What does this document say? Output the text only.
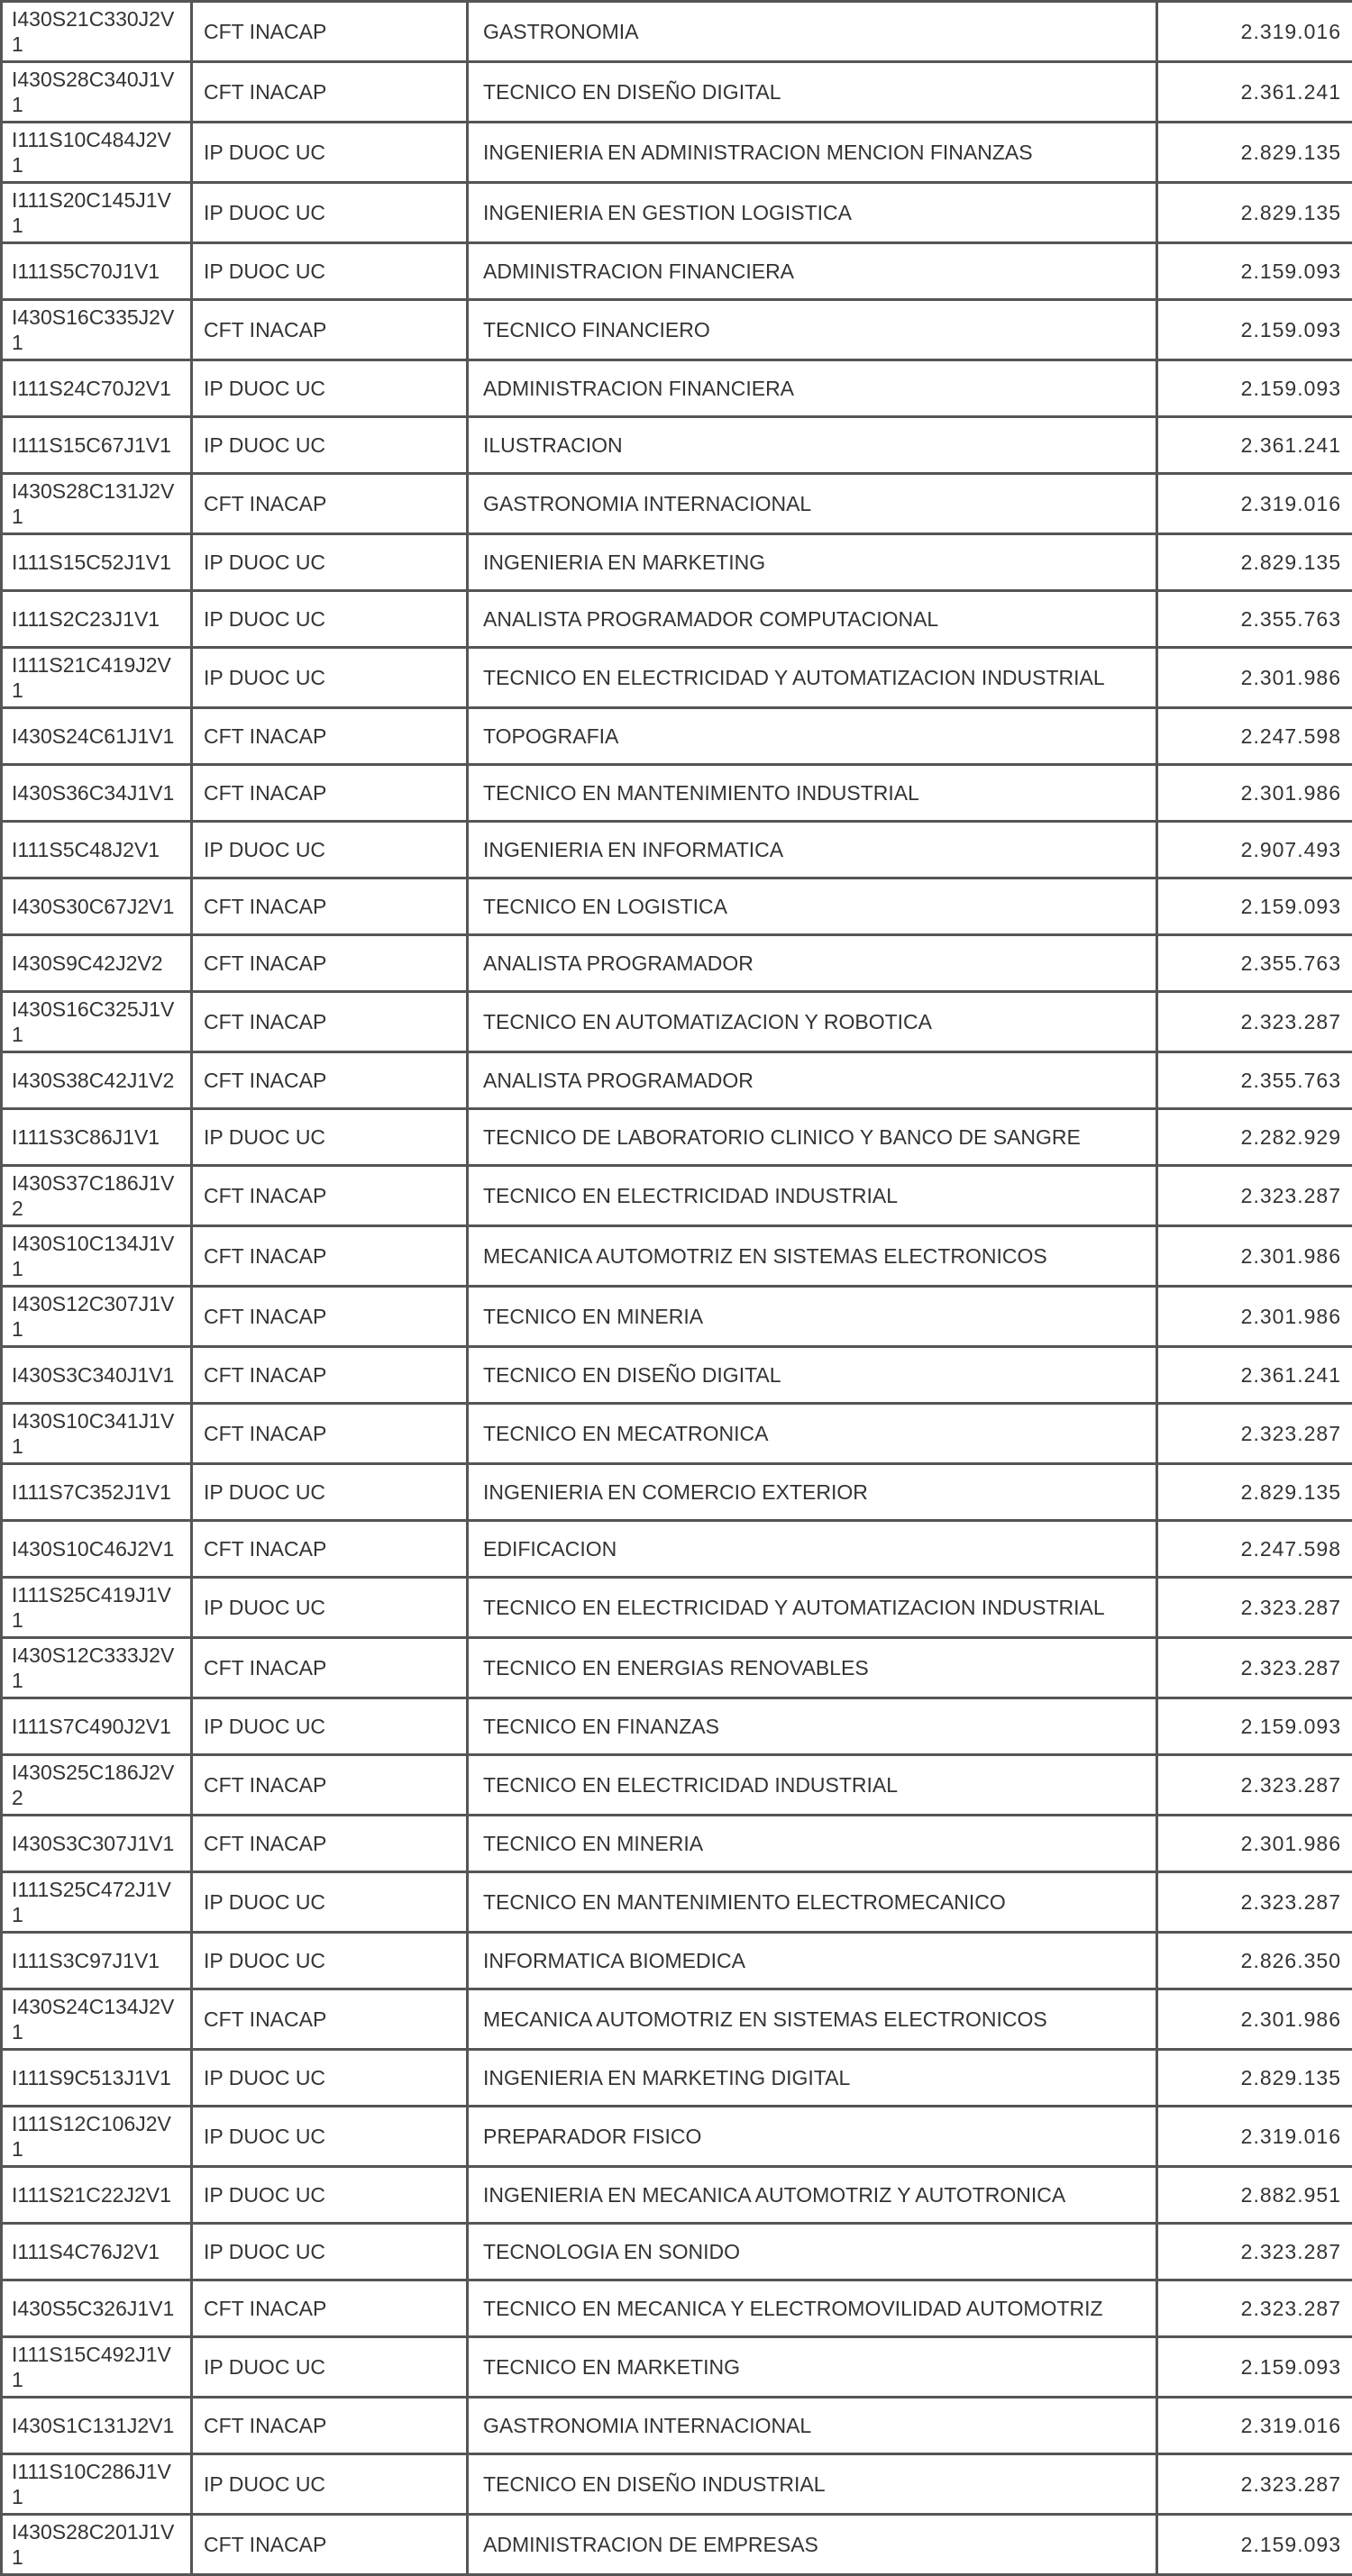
I430S21C330J2V1	CFT INACAP	GASTRONOMIA	2.319.016

I430S28C340J1V1	CFT INACAP	TECNICO EN DISEÑO DIGITAL	2.361.241

I111S10C484J2V1	IP DUOC UC	INGENIERIA EN ADMINISTRACION MENCION FINANZAS	2.829.135

I111S20C145J1V1	IP DUOC UC	INGENIERIA EN GESTION LOGISTICA	2.829.135

I111S5C70J1V1	IP DUOC UC	ADMINISTRACION FINANCIERA	2.159.093

I430S16C335J2V1	CFT INACAP	TECNICO FINANCIERO	2.159.093

I111S24C70J2V1	IP DUOC UC	ADMINISTRACION FINANCIERA	2.159.093

I111S15C67J1V1	IP DUOC UC	ILUSTRACION	2.361.241

I430S28C131J2V1	CFT INACAP	GASTRONOMIA INTERNACIONAL	2.319.016

I111S15C52J1V1	IP DUOC UC	INGENIERIA EN MARKETING	2.829.135

I111S2C23J1V1	IP DUOC UC	ANALISTA PROGRAMADOR COMPUTACIONAL	2.355.763

I111S21C419J2V1	IP DUOC UC	TECNICO EN ELECTRICIDAD Y AUTOMATIZACION INDUSTRIAL	2.301.986

I430S24C61J1V1	CFT INACAP	TOPOGRAFIA	2.247.598

I430S36C34J1V1	CFT INACAP	TECNICO EN MANTENIMIENTO INDUSTRIAL	2.301.986

I111S5C48J2V1	IP DUOC UC	INGENIERIA EN INFORMATICA	2.907.493

I430S30C67J2V1	CFT INACAP	TECNICO EN LOGISTICA	2.159.093

I430S9C42J2V2	CFT INACAP	ANALISTA PROGRAMADOR	2.355.763

I430S16C325J1V1	CFT INACAP	TECNICO EN AUTOMATIZACION Y ROBOTICA	2.323.287

I430S38C42J1V2	CFT INACAP	ANALISTA PROGRAMADOR	2.355.763

I111S3C86J1V1	IP DUOC UC	TECNICO DE LABORATORIO CLINICO Y BANCO DE SANGRE	2.282.929

I430S37C186J1V2	CFT INACAP	TECNICO EN ELECTRICIDAD INDUSTRIAL	2.323.287

I430S10C134J1V1	CFT INACAP	MECANICA AUTOMOTRIZ EN SISTEMAS ELECTRONICOS	2.301.986

I430S12C307J1V1	CFT INACAP	TECNICO EN MINERIA	2.301.986

I430S3C340J1V1	CFT INACAP	TECNICO EN DISEÑO DIGITAL	2.361.241

I430S10C341J1V1	CFT INACAP	TECNICO EN MECATRONICA	2.323.287

I111S7C352J1V1	IP DUOC UC	INGENIERIA EN COMERCIO EXTERIOR	2.829.135

I430S10C46J2V1	CFT INACAP	EDIFICACION	2.247.598

I111S25C419J1V1	IP DUOC UC	TECNICO EN ELECTRICIDAD Y AUTOMATIZACION INDUSTRIAL	2.323.287

I430S12C333J2V1	CFT INACAP	TECNICO EN ENERGIAS RENOVABLES	2.323.287

I111S7C490J2V1	IP DUOC UC	TECNICO EN FINANZAS	2.159.093

I430S25C186J2V2	CFT INACAP	TECNICO EN ELECTRICIDAD INDUSTRIAL	2.323.287

I430S3C307J1V1	CFT INACAP	TECNICO EN MINERIA	2.301.986

I111S25C472J1V1	IP DUOC UC	TECNICO EN MANTENIMIENTO ELECTROMECANICO	2.323.287

I111S3C97J1V1	IP DUOC UC	INFORMATICA BIOMEDICA	2.826.350

I430S24C134J2V1	CFT INACAP	MECANICA AUTOMOTRIZ EN SISTEMAS ELECTRONICOS	2.301.986

I111S9C513J1V1	IP DUOC UC	INGENIERIA EN MARKETING DIGITAL	2.829.135

I111S12C106J2V1	IP DUOC UC	PREPARADOR FISICO	2.319.016

I111S21C22J2V1	IP DUOC UC	INGENIERIA EN MECANICA AUTOMOTRIZ Y AUTOTRONICA	2.882.951

I111S4C76J2V1	IP DUOC UC	TECNOLOGIA EN SONIDO	2.323.287

I430S5C326J1V1	CFT INACAP	TECNICO EN MECANICA Y ELECTROMOVILIDAD AUTOMOTRIZ	2.323.287

I111S15C492J1V1	IP DUOC UC	TECNICO EN MARKETING	2.159.093

I430S1C131J2V1	CFT INACAP	GASTRONOMIA INTERNACIONAL	2.319.016

I111S10C286J1V1	IP DUOC UC	TECNICO EN DISEÑO INDUSTRIAL	2.323.287

I430S28C201J1V1	CFT INACAP	ADMINISTRACION DE EMPRESAS	2.159.093
